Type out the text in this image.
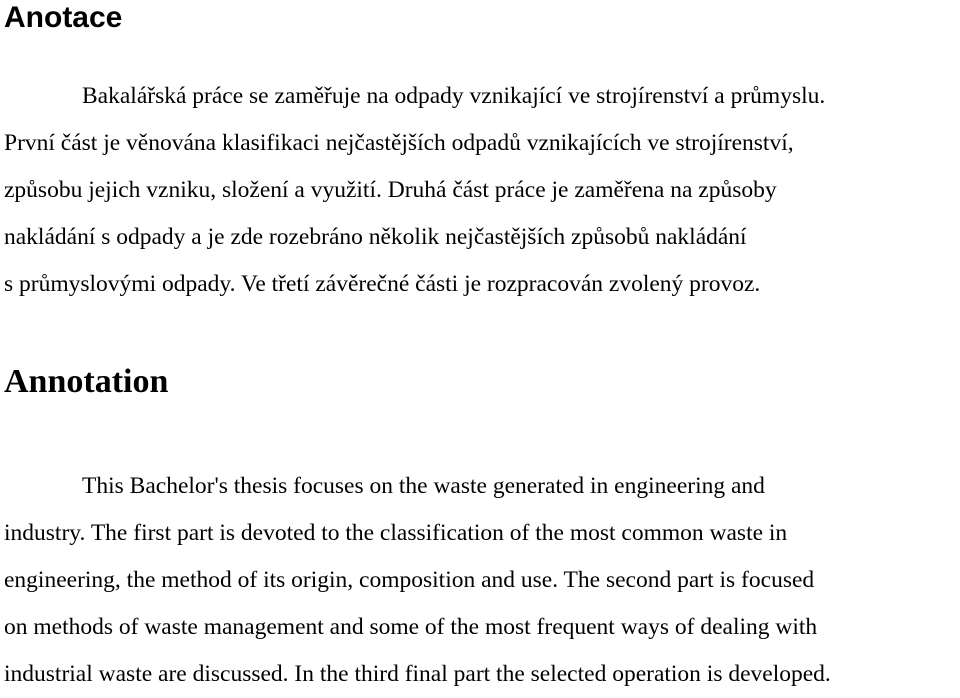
Anotace

Bakalářská práce se zaměřuje na odpady vznikající ve strojírenství a průmyslu.
První část je věnována klasifikaci nejčastějších odpadů vznikajících ve strojírenství,
způsobu jejich vzniku, složení a využití. Druhá část práce je zaměřena na způsoby
nakládání s odpady a je zde rozebráno několik nejčastějších způsobů nakládání
s průmyslovými odpady. Ve třetí závěrečné části je rozpracován zvolený provoz.

Annotation

This Bachelor's thesis focuses on the waste generated in engineering and
industry. The first part is devoted to the classification of the most common waste in
engineering, the method of its origin, composition and use. The second part is focused
on methods of waste management and some of the most frequent ways of dealing with
industrial waste are discussed. In the third final part the selected operation is developed.
